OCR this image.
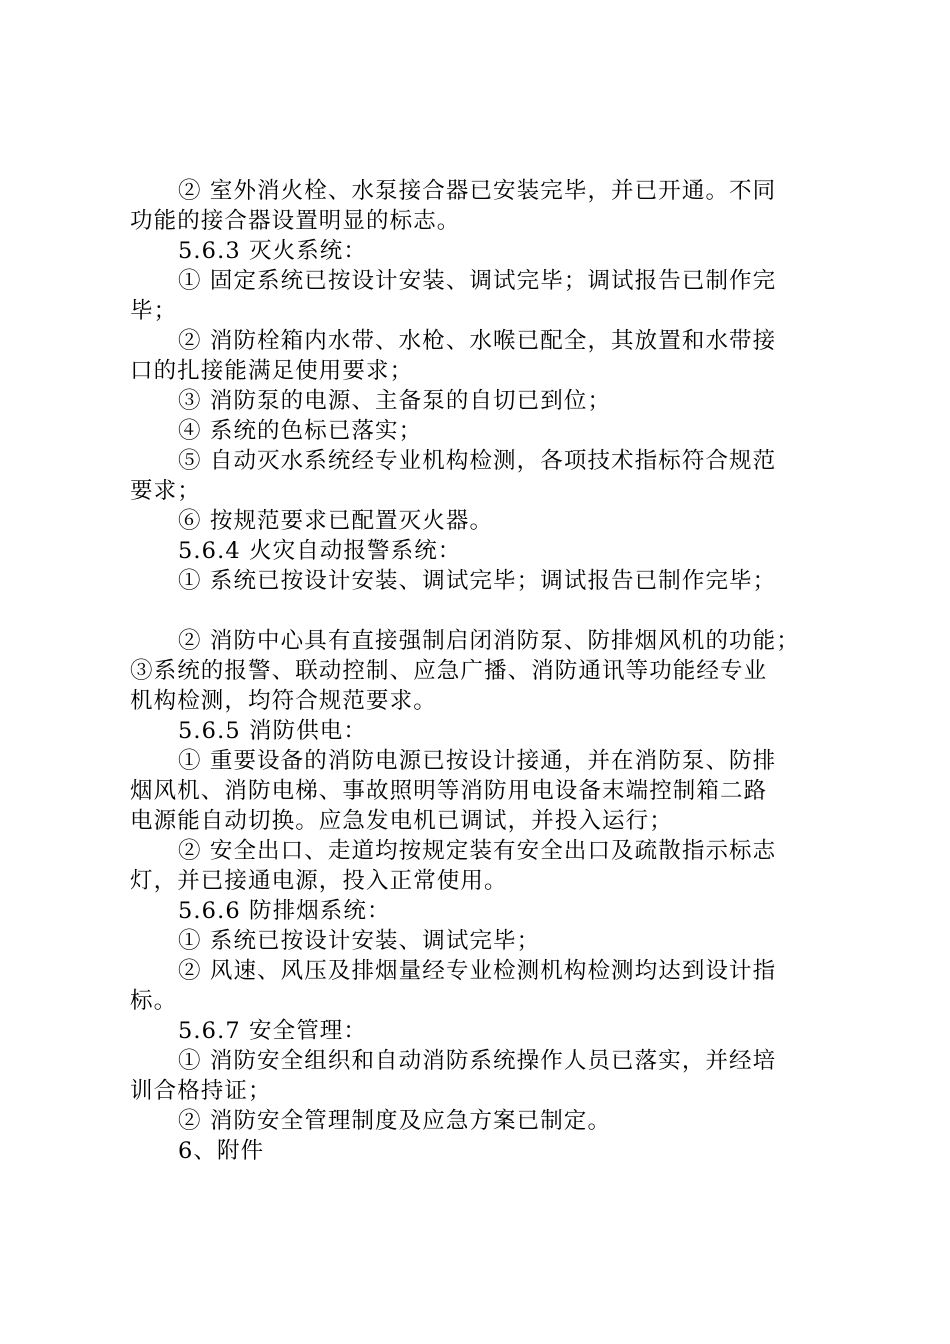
② 室外消火栓、水泵接合器已安装完毕，并已开通。不同

功能的接合器设置明显的标志。

5.6.3 灭火系统：

① 固定系统已按设计安装、调试完毕；调试报告已制作完

毕；

② 消防栓箱内水带、水枪、水喉已配全，其放置和水带接

口的扎接能满足使用要求；

③ 消防泵的电源、主备泵的自切已到位；

④ 系统的色标已落实；

⑤ 自动灭水系统经专业机构检测，各项技术指标符合规范

要求；

⑥ 按规范要求已配置灭火器。

5.6.4 火灾自动报警系统：

① 系统已按设计安装、调试完毕；调试报告已制作完毕；

② 消防中心具有直接强制启闭消防泵、防排烟风机的功能；

③系统的报警、联动控制、应急广播、消防通讯等功能经专业

机构检测，均符合规范要求。

5.6.5 消防供电：

① 重要设备的消防电源已按设计接通，并在消防泵、防排

烟风机、消防电梯、事故照明等消防用电设备末端控制箱二路

电源能自动切换。应急发电机已调试，并投入运行；

② 安全出口、走道均按规定装有安全出口及疏散指示标志

灯，并已接通电源，投入正常使用。

5.6.6 防排烟系统：

① 系统已按设计安装、调试完毕；

② 风速、风压及排烟量经专业检测机构检测均达到设计指

标。

5.6.7 安全管理：

① 消防安全组织和自动消防系统操作人员已落实，并经培

训合格持证；

② 消防安全管理制度及应急方案已制定。

6、附件
